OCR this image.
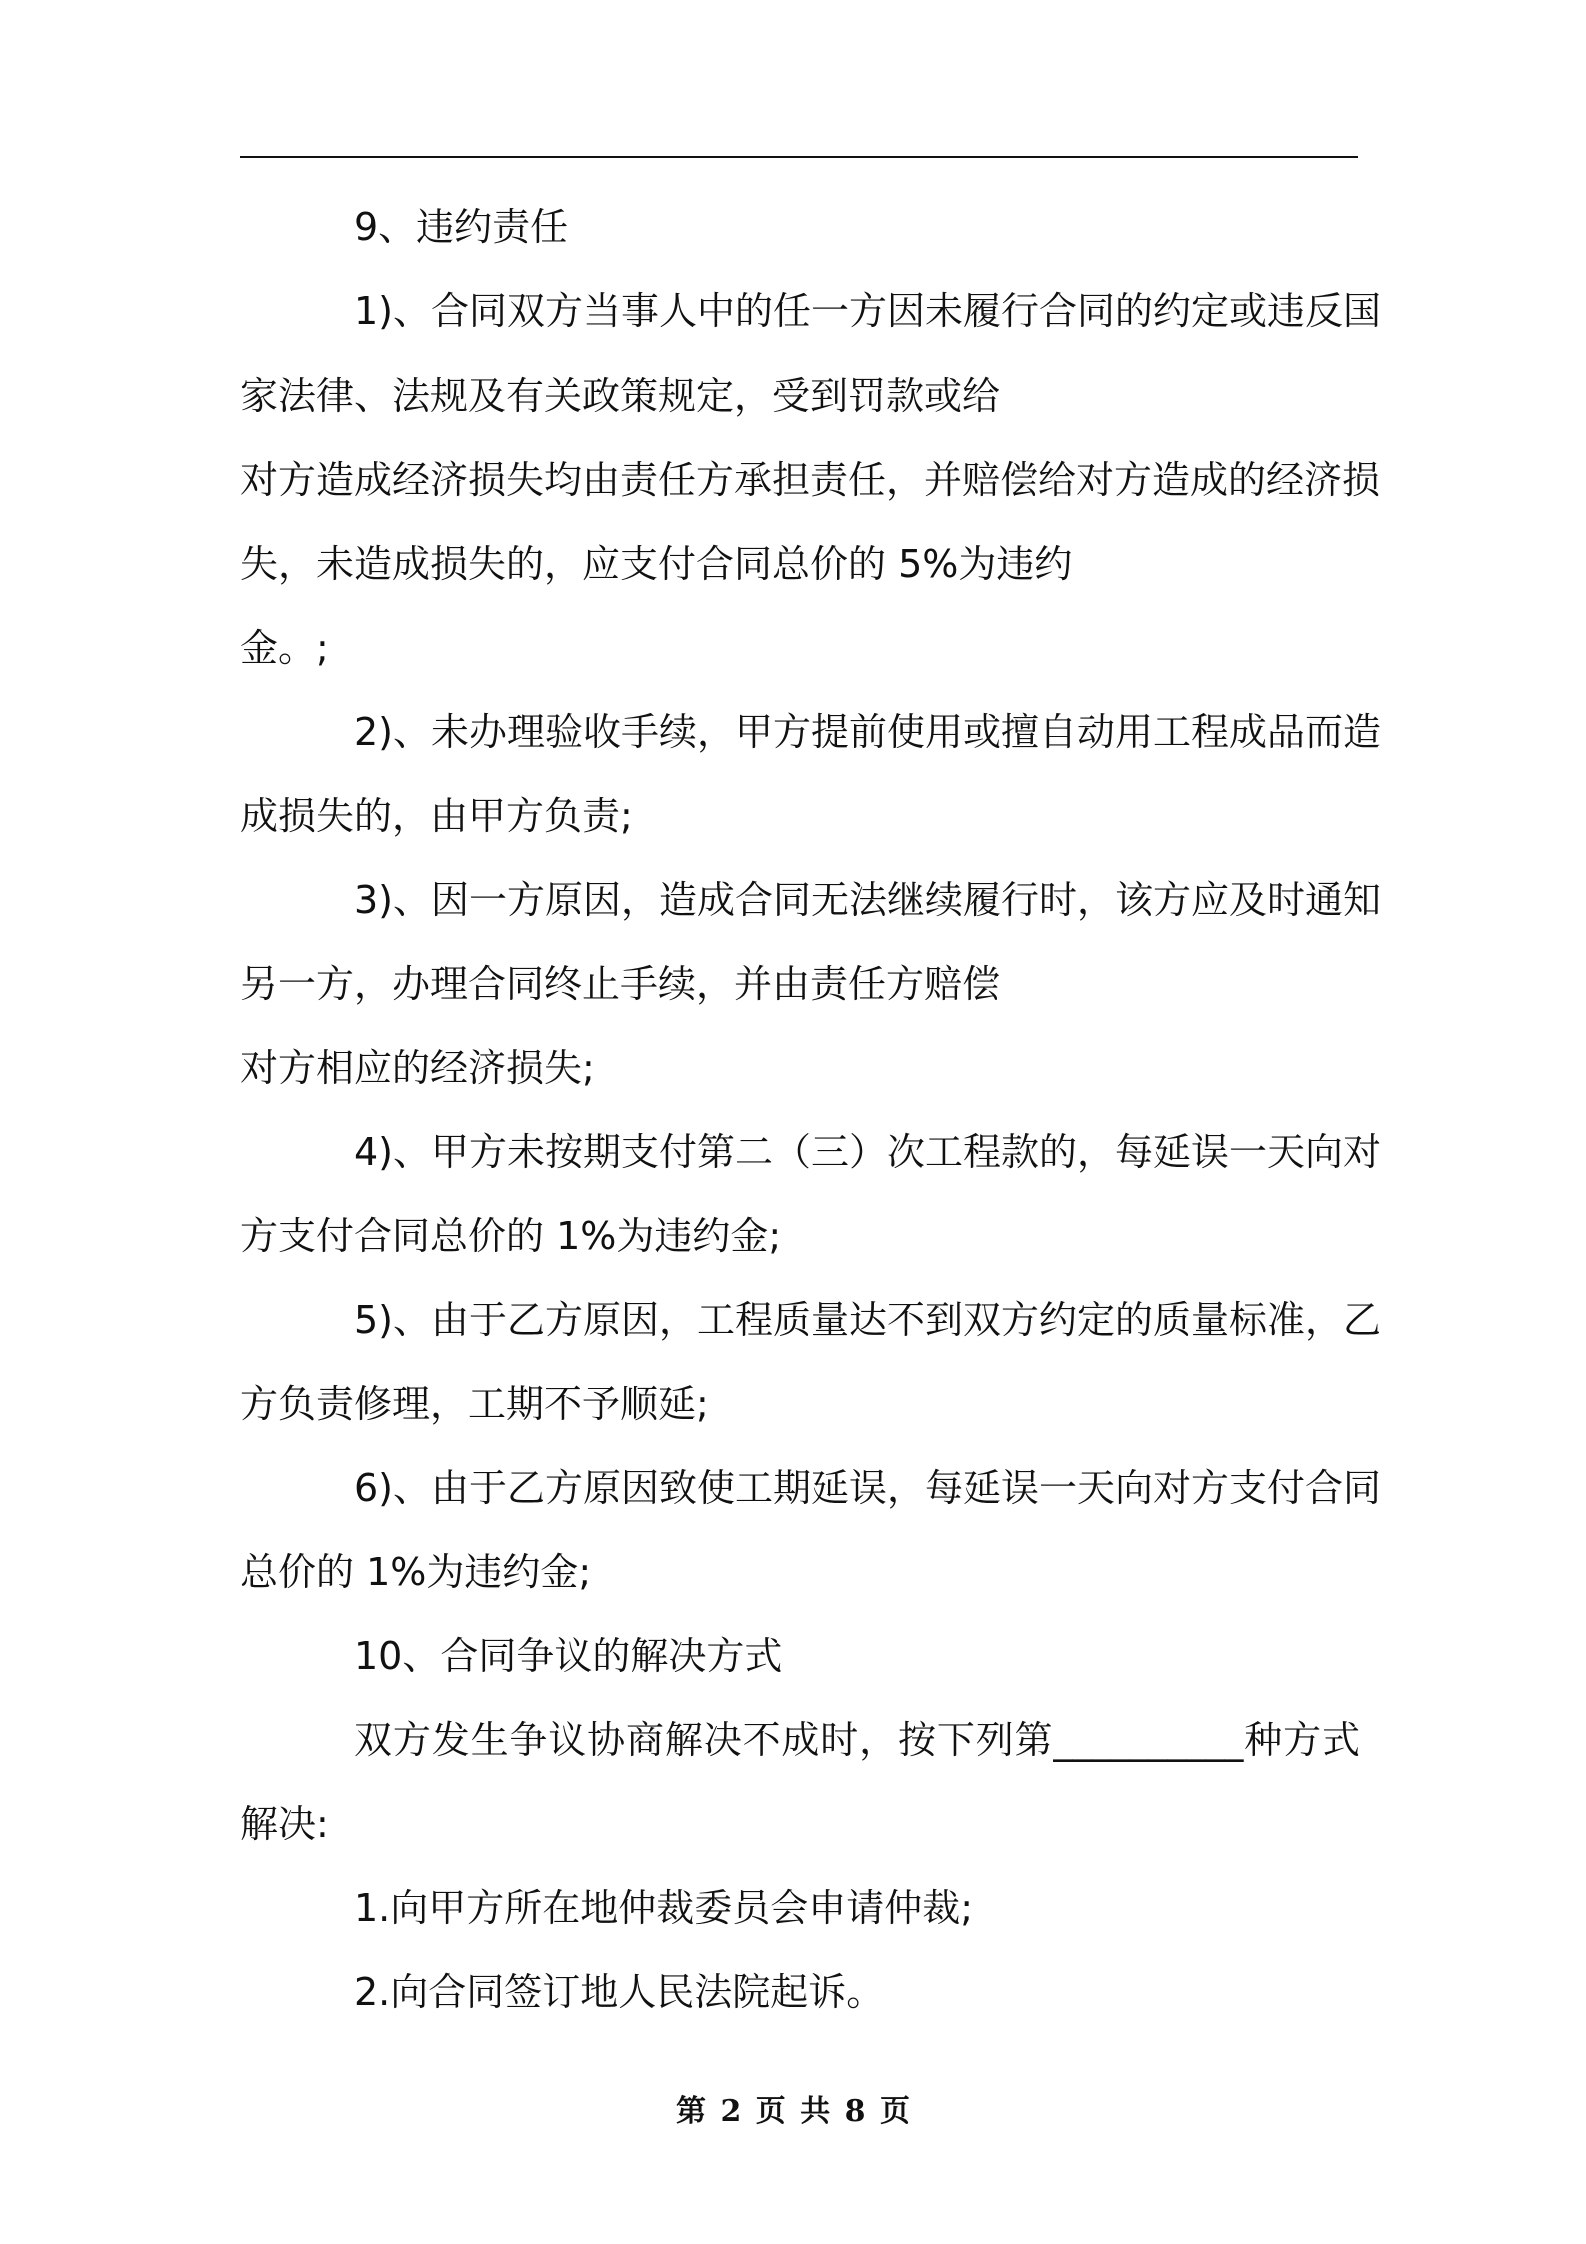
9、违约责任
1)、合同双方当事人中的任一方因未履行合同的约定或违反国
家法律、法规及有关政策规定，受到罚款或给
对方造成经济损失均由责任方承担责任，并赔偿给对方造成的经济损
失，未造成损失的，应支付合同总价的 5%为违约
金。;
2)、未办理验收手续，甲方提前使用或擅自动用工程成品而造
成损失的，由甲方负责;
3)、因一方原因，造成合同无法继续履行时，该方应及时通知
另一方，办理合同终止手续，并由责任方赔偿
对方相应的经济损失;
4)、甲方未按期支付第二（三）次工程款的，每延误一天向对
方支付合同总价的 1%为违约金;
5)、由于乙方原因，工程质量达不到双方约定的质量标准，乙
方负责修理，工期不予顺延;
6)、由于乙方原因致使工期延误，每延误一天向对方支付合同
总价的 1%为违约金;
10、合同争议的解决方式
双方发生争议协商解决不成时，按下列第__________种方式
解决:
1.向甲方所在地仲裁委员会申请仲裁;
2.向合同签订地人民法院起诉。
第 2 页 共 8 页
